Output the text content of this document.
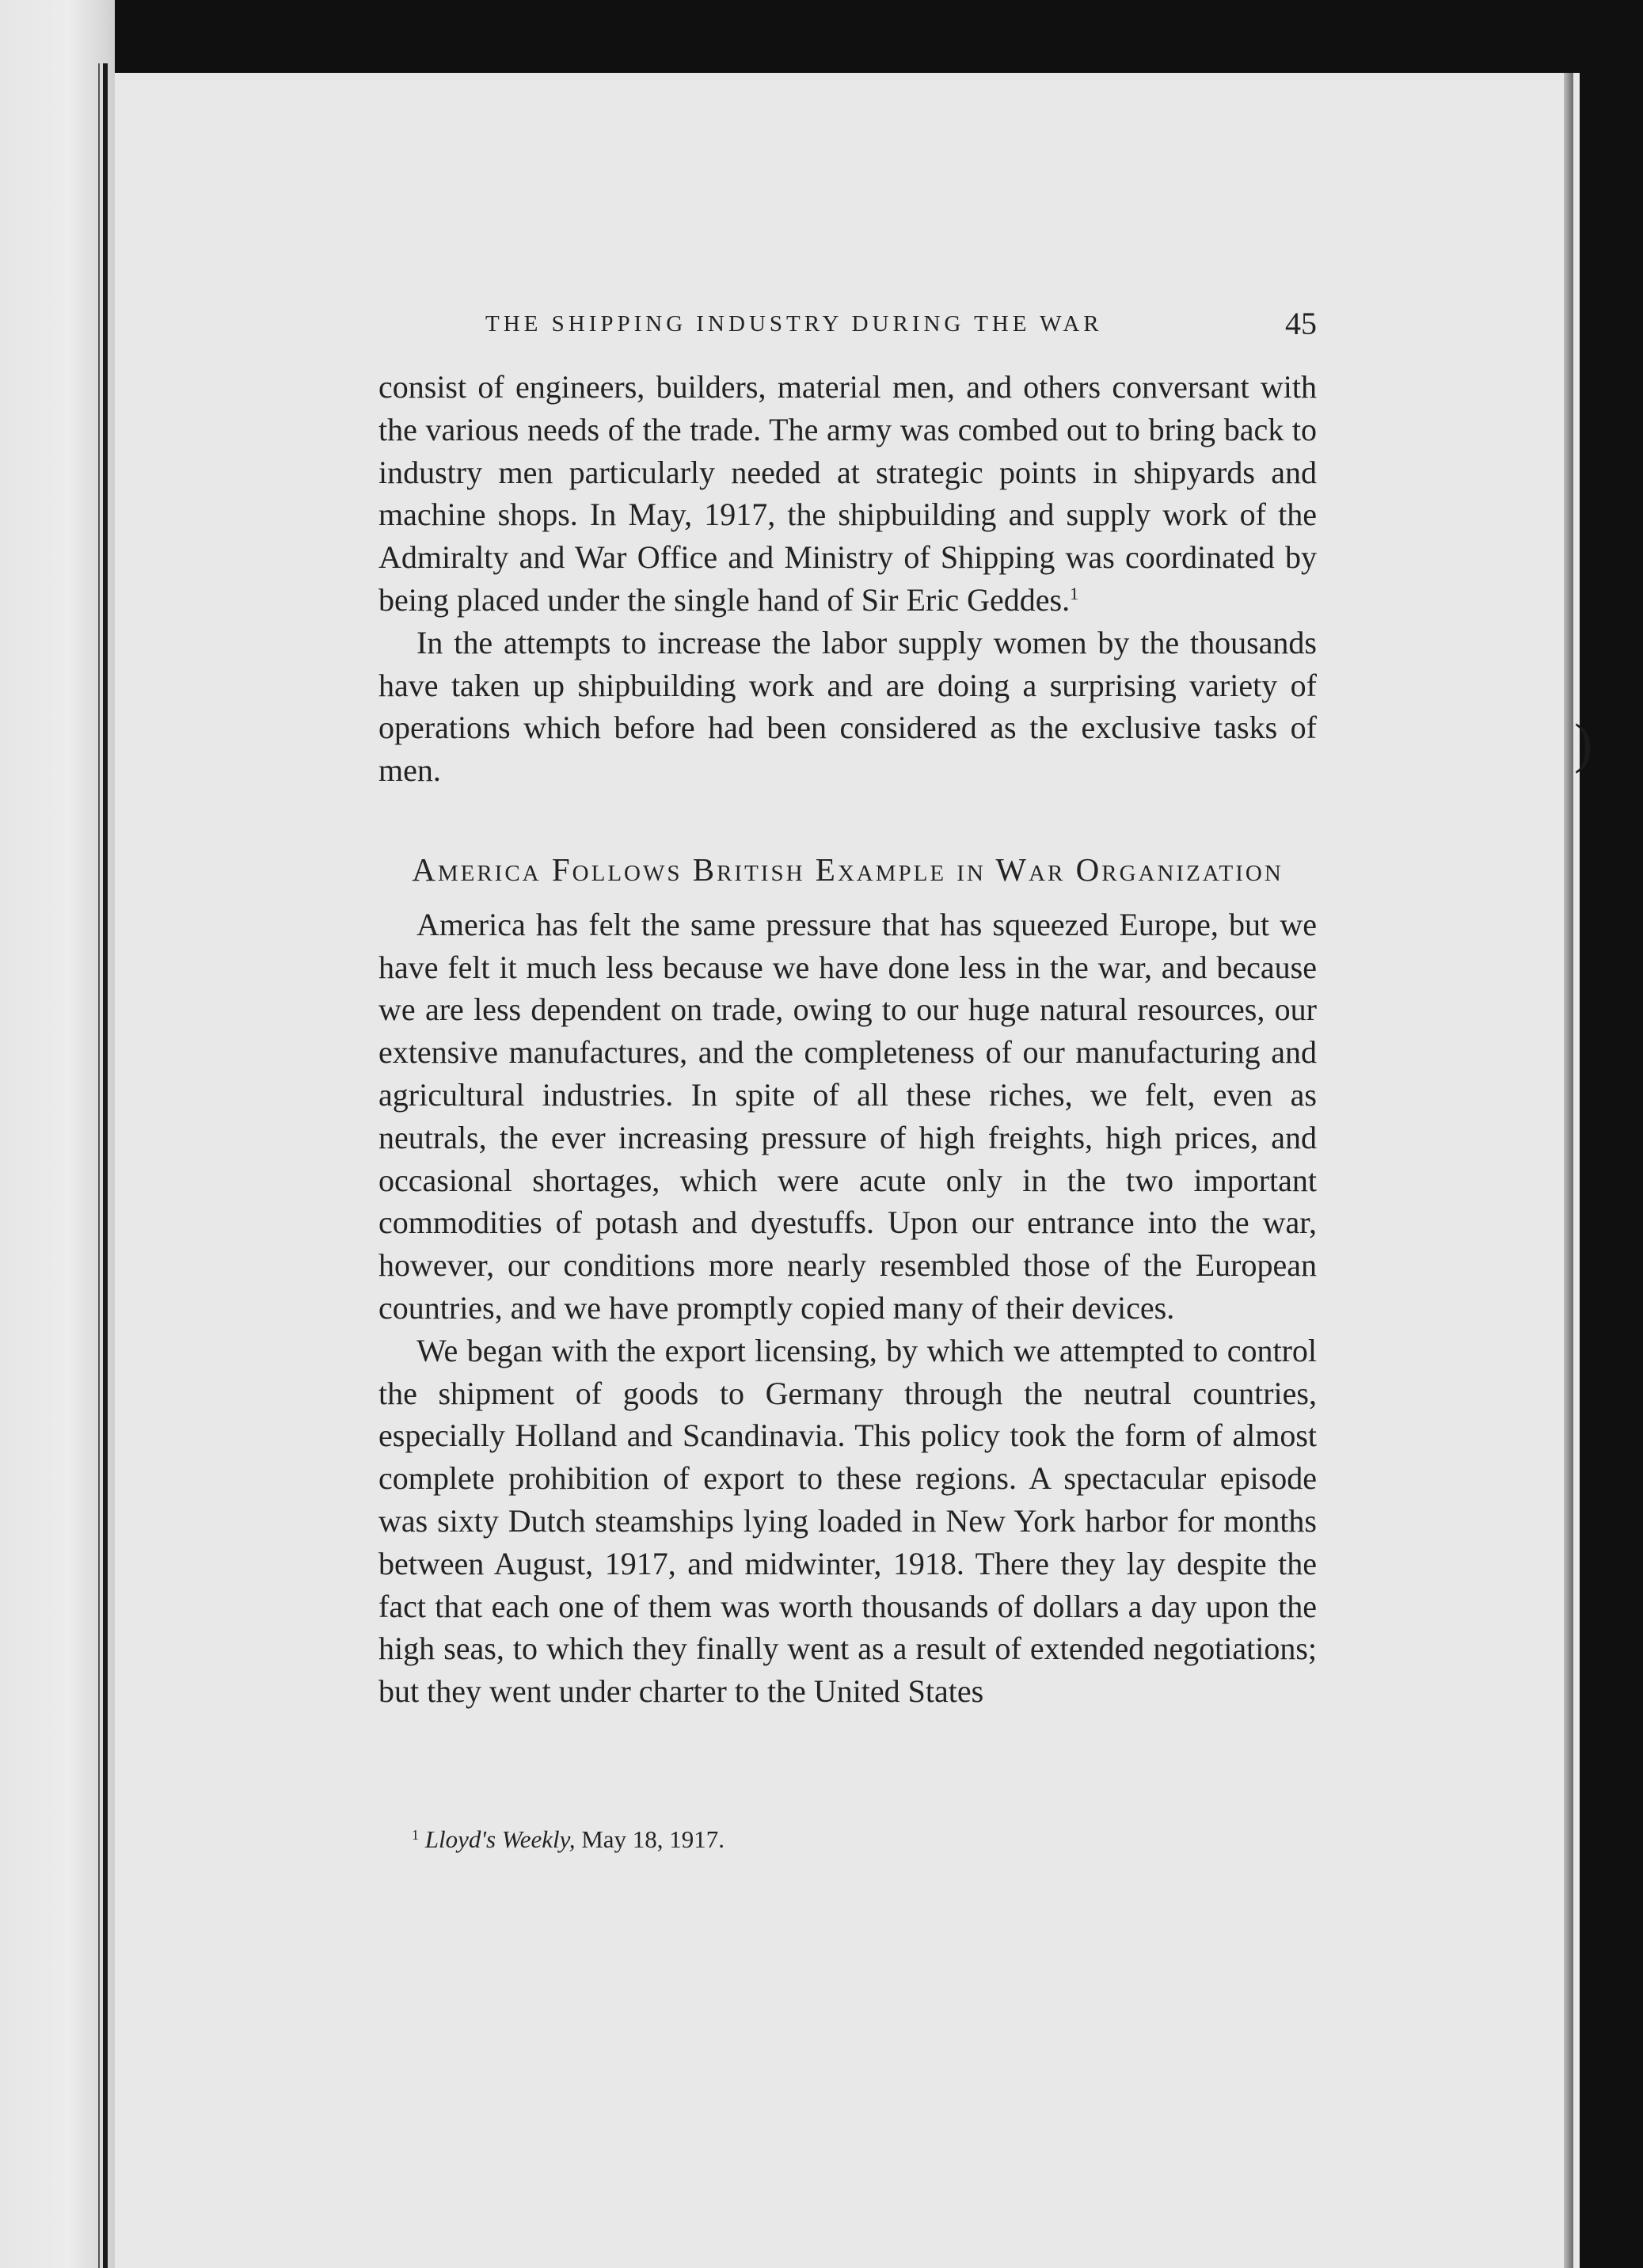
)
THE SHIPPING INDUSTRY DURING THE WAR	45

consist of engineers, builders, material men, and others conversant with the various needs of the trade. The army was combed out to bring back to industry men particularly needed at strategic points in shipyards and machine shops. In May, 1917, the shipbuilding and supply work of the Admiralty and War Office and Ministry of Shipping was coordinated by being placed under the single hand of Sir Eric Geddes.$^1$

In the attempts to increase the labor supply women by the thousands have taken up shipbuilding work and are doing a surprising variety of operations which before had been considered as the exclusive tasks of men.

America Follows British Example in War Organization

America has felt the same pressure that has squeezed Europe, but we have felt it much less because we have done less in the war, and because we are less dependent on trade, owing to our huge natural resources, our extensive manufactures, and the completeness of our manufacturing and agricultural industries. In spite of all these riches, we felt, even as neutrals, the ever increasing pressure of high freights, high prices, and occasional shortages, which were acute only in the two important commodities of potash and dyestuffs. Upon our entrance into the war, however, our conditions more nearly resembled those of the European countries, and we have promptly copied many of their devices.

We began with the export licensing, by which we attempted to control the shipment of goods to Germany through the neutral countries, especially Holland and Scandinavia. This policy took the form of almost complete prohibition of export to these regions. A spectacular episode was sixty Dutch steamships lying loaded in New York harbor for months between August, 1917, and midwinter, 1918. There they lay despite the fact that each one of them was worth thousands of dollars a day upon the high seas, to which they finally went as a result of extended negotiations; but they went under charter to the United States

$^1$ Lloyd's Weekly, May 18, 1917.
